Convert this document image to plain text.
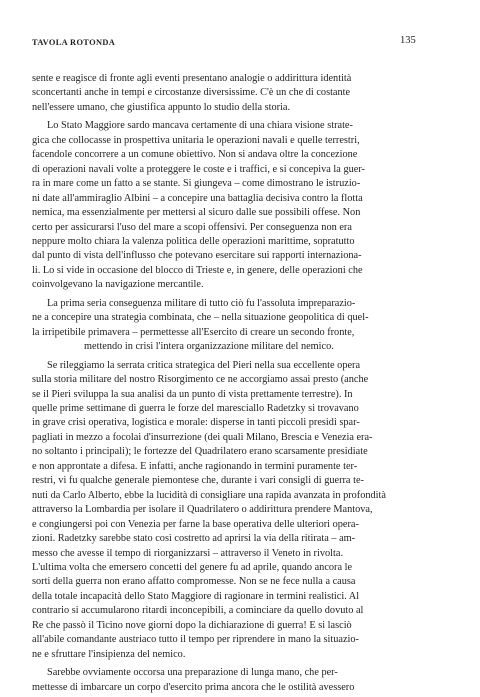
TAVOLA ROTONDA	135
sente e reagisce di fronte agli eventi presentano analogie o addirittura identità
sconcertanti anche in tempi e circostanze diversissime. C'è un che di costante
nell'essere umano, che giustifica appunto lo studio della storia.
Lo Stato Maggiore sardo mancava certamente di una chiara visione strate-
gica che collocasse in prospettiva unitaria le operazioni navali e quelle terrestri,
facendole concorrere a un comune obiettivo. Non si andava oltre la concezione
di operazioni navali volte a proteggere le coste e i traffici, e si concepiva la guer-
ra in mare come un fatto a se stante. Si giungeva – come dimostrano le istruzio-
ni date all'ammiraglio Albini – a concepire una battaglia decisiva contro la flotta
nemica, ma essenzialmente per mettersi al sicuro dalle sue possibili offese. Non
certo per assicurarsi l'uso del mare a scopi offensivi. Per conseguenza non era
neppure molto chiara la valenza politica delle operazioni marittime, sopratutto
dal punto di vista dell'influsso che potevano esercitare sui rapporti internaziona-
li. Lo si vide in occasione del blocco di Trieste e, in genere, delle operazioni che
coinvolgevano la navigazione mercantile.
La prima seria conseguenza militare di tutto ciò fu l'assoluta impreparazio-
ne a concepire una strategia combinata, che – nella situazione geopolitica di quel-
la irripetibile primavera – permettesse all'Esercito di creare un secondo fronte,
mettendo in crisi l'intera organizzazione militare del nemico.
Se rileggiamo la serrata critica strategica del Pieri nella sua eccellente opera
sulla storia militare del nostro Risorgimento ce ne accorgiamo assai presto (anche
se il Pieri sviluppa la sua analisi da un punto di vista prettamente terrestre). In
quelle prime settimane di guerra le forze del maresciallo Radetzky si trovavano
in grave crisi operativa, logistica e morale: disperse in tanti piccoli presidi spar-
pagliati in mezzo a focolai d'insurrezione (dei quali Milano, Brescia e Venezia era-
no soltanto i principali); le fortezze del Quadrilatero erano scarsamente presidiate
e non approntate a difesa. E infatti, anche ragionando in termini puramente ter-
restri, vi fu qualche generale piemontese che, durante i vari consigli di guerra te-
nuti da Carlo Alberto, ebbe la lucidità di consigliare una rapida avanzata in profondità
attraverso la Lombardia per isolare il Quadrilatero o addirittura prendere Mantova,
e congiungersi poi con Venezia per farne la base operativa delle ulteriori opera-
zioni. Radetzky sarebbe stato così costretto ad aprirsi la via della ritirata – am-
messo che avesse il tempo di riorganizzarsi – attraverso il Veneto in rivolta.
L'ultima volta che emersero concetti del genere fu ad aprile, quando ancora le
sorti della guerra non erano affatto compromesse. Non se ne fece nulla a causa
della totale incapacità dello Stato Maggiore di ragionare in termini realistici. Al
contrario si accumularono ritardi inconcepibili, a cominciare da quello dovuto al
Re che passò il Ticino nove giorni dopo la dichiarazione di guerra! E si lasciò
all'abile comandante austriaco tutto il tempo per riprendere in mano la situazio-
ne e sfruttare l'insipienza del nemico.
Sarebbe ovviamente occorsa una preparazione di lunga mano, che per-
mettesse di imbarcare un corpo d'esercito prima ancora che le ostilità avessero
